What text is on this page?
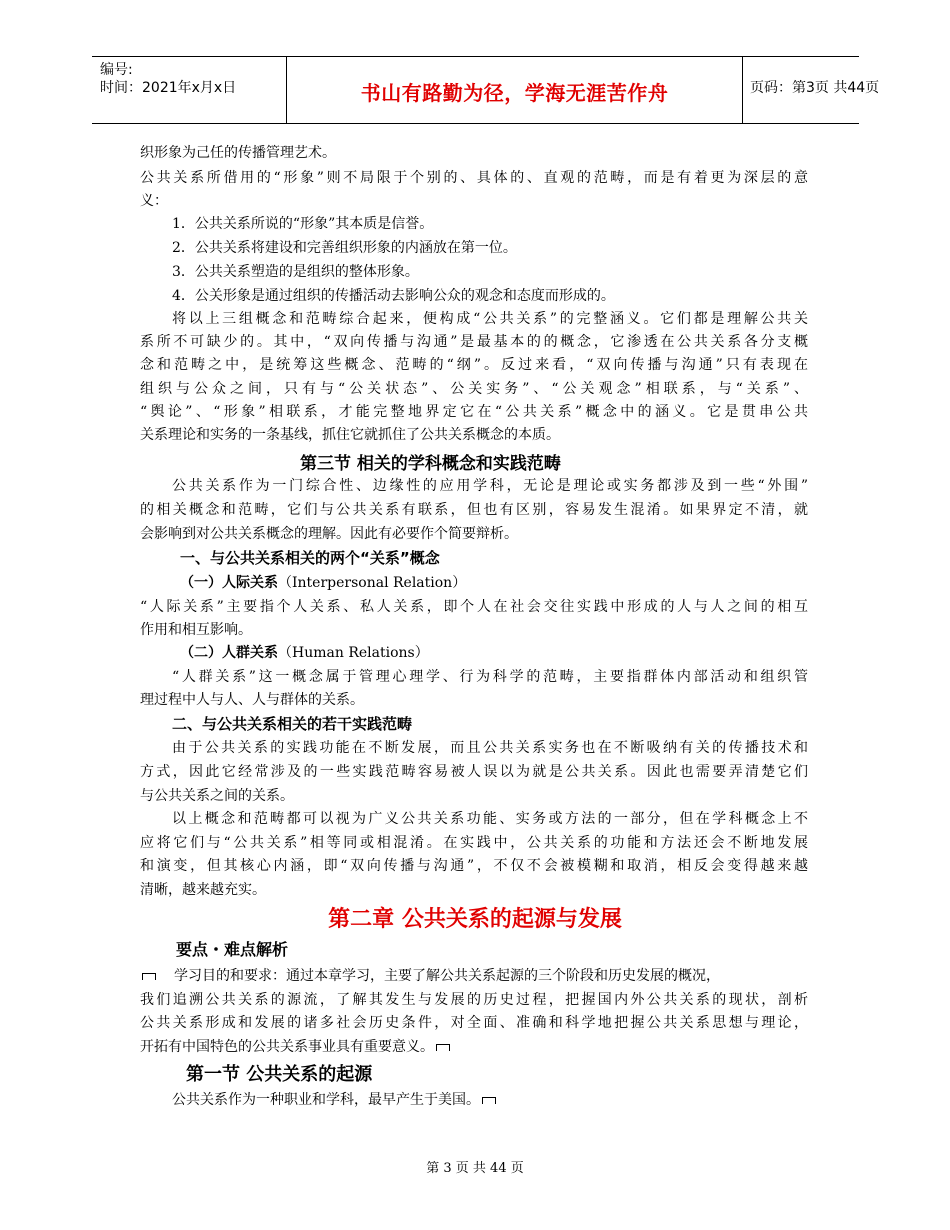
编号:
时间：2021年x月x日	书山有路勤为径，学海无涯苦作舟	页码：第3页 共44页
织形象为己任的传播管理艺术。
公共关系所借用的“形象”则不局限于个别的、具体的、直观的范畴，而是有着更为深层的意
义：
1．公共关系所说的“形象”其本质是信誉。
2．公共关系将建设和完善组织形象的内涵放在第一位。
3．公共关系塑造的是组织的整体形象。
4．公关形象是通过组织的传播活动去影响公众的观念和态度而形成的。
将以上三组概念和范畴综合起来，便构成“公共关系”的完整涵义。它们都是理解公共关
系所不可缺少的。其中，“双向传播与沟通”是最基本的的概念，它渗透在公共关系各分支概
念和范畴之中，是统筹这些概念、范畴的“纲”。反过来看，“双向传播与沟通”只有表现在
组织与公众之间，只有与“公关状态”、公关实务”、“公关观念”相联系，与“关系”、
“舆论”、“形象”相联系，才能完整地界定它在“公共关系”概念中的涵义。它是贯串公共
关系理论和实务的一条基线，抓住它就抓住了公共关系概念的本质。
第三节 相关的学科概念和实践范畴
公共关系作为一门综合性、边缘性的应用学科，无论是理论或实务都涉及到一些“外围”
的相关概念和范畴，它们与公共关系有联系，但也有区别，容易发生混淆。如果界定不清，就
会影响到对公共关系概念的理解。因此有必要作个简要辩析。
一、与公共关系相关的两个“关系”概念
（一）人际关系（Interpersonal Relation）
“人际关系”主要指个人关系、私人关系，即个人在社会交往实践中形成的人与人之间的相互
作用和相互影响。
（二）人群关系（Human Relations）
“人群关系”这一概念属于管理心理学、行为科学的范畴，主要指群体内部活动和组织管
理过程中人与人、人与群体的关系。
二、与公共关系相关的若干实践范畴
由于公共关系的实践功能在不断发展，而且公共关系实务也在不断吸纳有关的传播技术和
方式，因此它经常涉及的一些实践范畴容易被人误以为就是公共关系。因此也需要弄清楚它们
与公共关系之间的关系。
以上概念和范畴都可以视为广义公共关系功能、实务或方法的一部分，但在学科概念上不
应将它们与“公共关系”相等同或相混淆。在实践中，公共关系的功能和方法还会不断地发展
和演变，但其核心内涵，即“双向传播与沟通”，不仅不会被模糊和取消，相反会变得越来越
清晰，越来越充实。
第二章 公共关系的起源与发展
要点・难点解析
学习目的和要求：通过本章学习，主要了解公共关系起源的三个阶段和历史发展的概况，
我们追溯公共关系的源流，了解其发生与发展的历史过程，把握国内外公共关系的现状，剖析
公共关系形成和发展的诸多社会历史条件，对全面、准确和科学地把握公共关系思想与理论，
开拓有中国特色的公共关系事业具有重要意义。
第一节 公共关系的起源
公共关系作为一种职业和学科，最早产生于美国。
第 3 页 共 44 页
